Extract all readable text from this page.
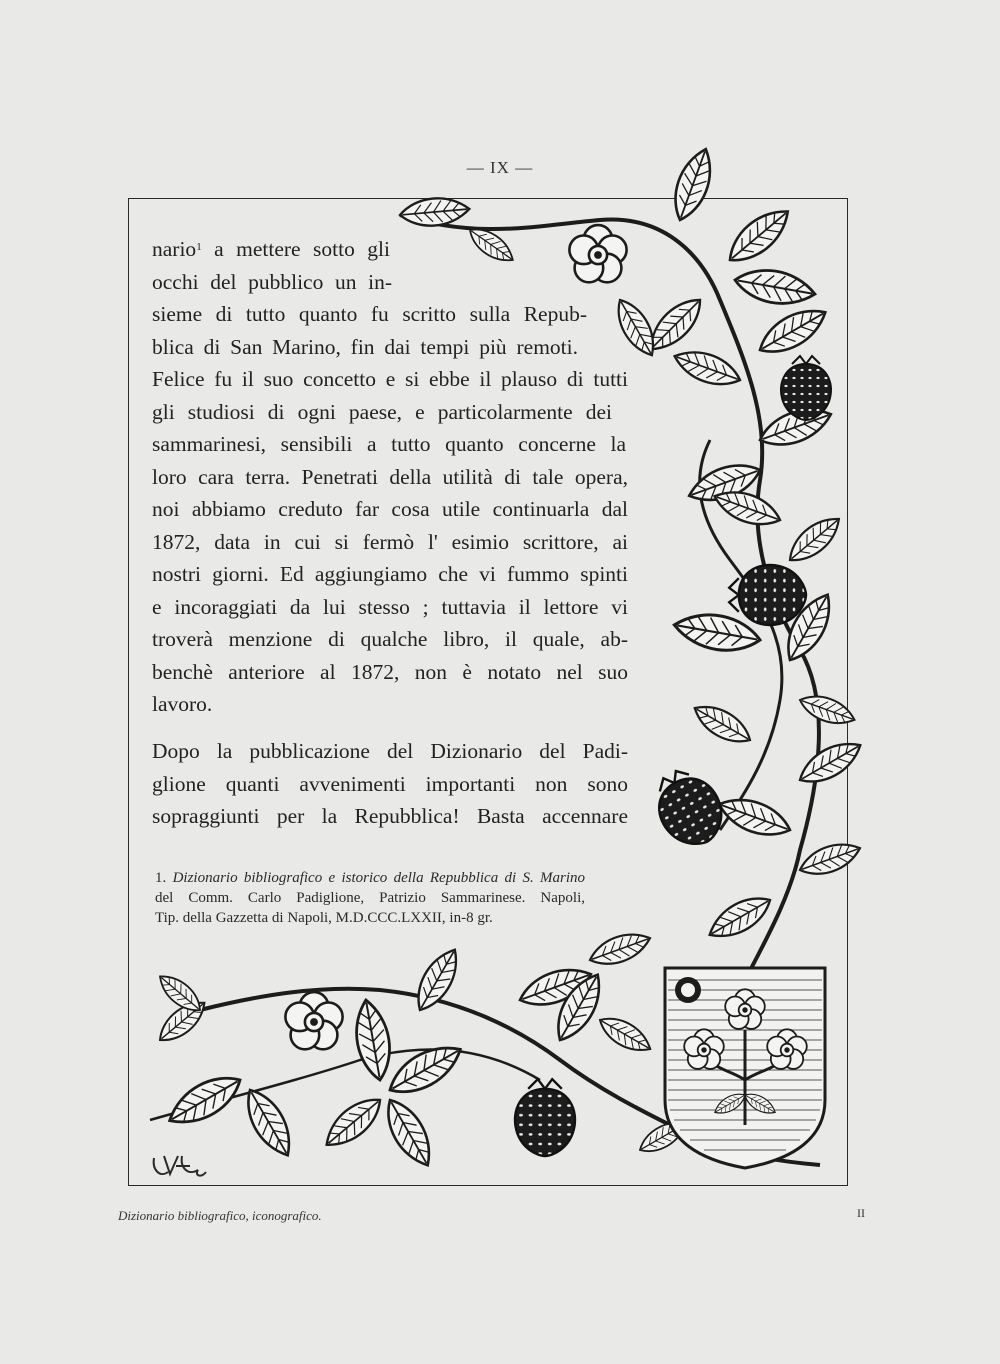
— IX —
nario$^1$ a mettere sotto gli
occhi del pubblico un in-
sieme di tutto quanto fu scritto sulla Repub-
blica di San Marino, fin dai tempi più remoti.
Felice fu il suo concetto e si ebbe il plauso di tutti
gli studiosi di ogni paese, e particolarmente dei
sammarinesi, sensibili a tutto quanto concerne la
loro cara terra. Penetrati della utilità di tale opera,
noi abbiamo creduto far cosa utile continuarla dal
1872, data in cui si fermò l' esimio scrittore, ai
nostri giorni. Ed aggiungiamo che vi fummo spinti
e incoraggiati da lui stesso ; tuttavia il lettore vi
troverà menzione di qualche libro, il quale, ab-
benchè anteriore al 1872, non è notato nel suo
lavoro.
Dopo la pubblicazione del Dizionario del Padi-
glione quanti avvenimenti importanti non sono
sopraggiunti per la Repubblica! Basta accennare
1. Dizionario bibliografico e istorico della Repubblica di S. Marino
del Comm. Carlo Padiglione, Patrizio Sammarinese. Napoli,
Tip. della Gazzetta di Napoli, M.D.CCC.LXXII, in-8 gr.
Dizionario bibliografico, iconografico.	II
